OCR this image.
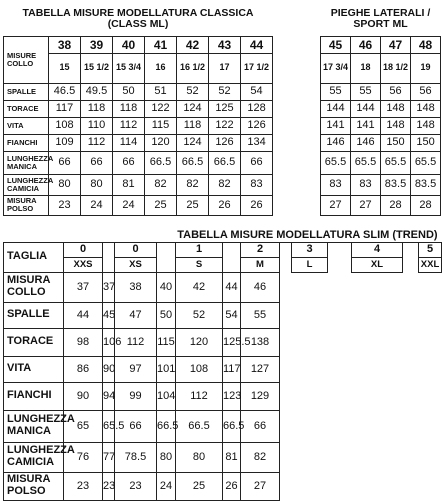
TABELLA MISURE MODELLATURA CLASSICA (CLASS ML)							
MISURE COLLO	38	39	40	41	42	43	44
	15	15 1/2	15 3/4	16	16 1/2	17	17 1/2
SPALLE	46.5	49.5	50	51	52	52	54
TORACE	117	118	118	122	124	125	128
VITA	108	110	112	115	118	122	126
FIANCHI	109	112	114	120	124	126	134
LUNGHEZZA MANICA	66	66	66	66.5	66.5	66.5	66
LUNGHEZZA CAMICIA	80	80	81	82	82	82	83
MISURA POLSO	23	24	24	25	25	26	26
PIEGHE LATERALI / SPORT ML			
45	46	47	48
17 3/4	18	18 1/2	19
55	55	56	56
144	144	148	148
141	141	148	148
146	146	150	150
65.5	65.5	65.5	65.5
83	83	83.5	83.5
27	27	28	28
TABELLA MISURE MODELLATURA SLIM (TREND)													
TAGLIA	0		0		1		2		3		4		5
	XXS		XS		S		M		L		XL		XXL
MISURA COLLO	37	37	38	40	42	44	46						
SPALLE	44	45	47	50	52	54	55						
TORACE	98	106	112	115	120	125.5	138						
VITA	86	90	97	101	108	117	127						
FIANCHI	90	94	99	104	112	123	129						
LUNGHEZZA MANICA	65	65.5	66	66.5	66.5	66.5	66						
LUNGHEZZA CAMICIA	76	77	78.5	80	80	81	82						
MISURA POLSO	23	23	23	24	25	26	27						
